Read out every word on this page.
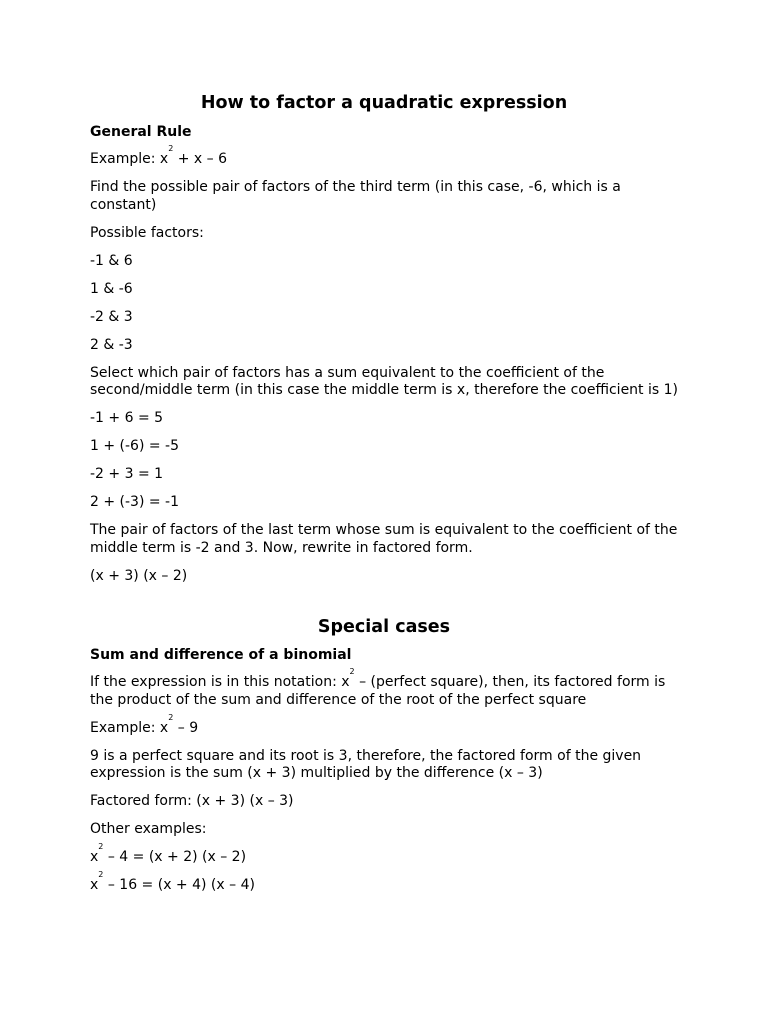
How to factor a quadratic expression
General Rule

Example: $x^2 + x - 6$

Find the possible pair of factors of the third term (in this case, -6, which is a constant)

Possible factors:

-1 & 6

1 & -6

-2 & 3

2 & -3

Select which pair of factors has a sum equivalent to the coefficient of the second/middle term (in this case the middle term is x, therefore the coefficient is 1)

-1 + 6 = 5

1 + (-6) = -5

-2 + 3 = 1

2 + (-3) = -1

The pair of factors of the last term whose sum is equivalent to the coefficient of the middle term is -2 and 3. Now, rewrite in factored form.

(x + 3) (x – 2)

Special cases
Sum and difference of a binomial

If the expression is in this notation: $x^2$ – (perfect square), then, its factored form is the product of the sum and difference of the root of the perfect square

Example: $x^2 - 9$

9 is a perfect square and its root is 3, therefore, the factored form of the given expression is the sum (x + 3) multiplied by the difference (x – 3)

Factored form: (x + 3) (x – 3)

Other examples:

$x^2 - 4 = (x + 2)$ (x – 2)

$x^2 - 16 = (x + 4)$ (x – 4)
